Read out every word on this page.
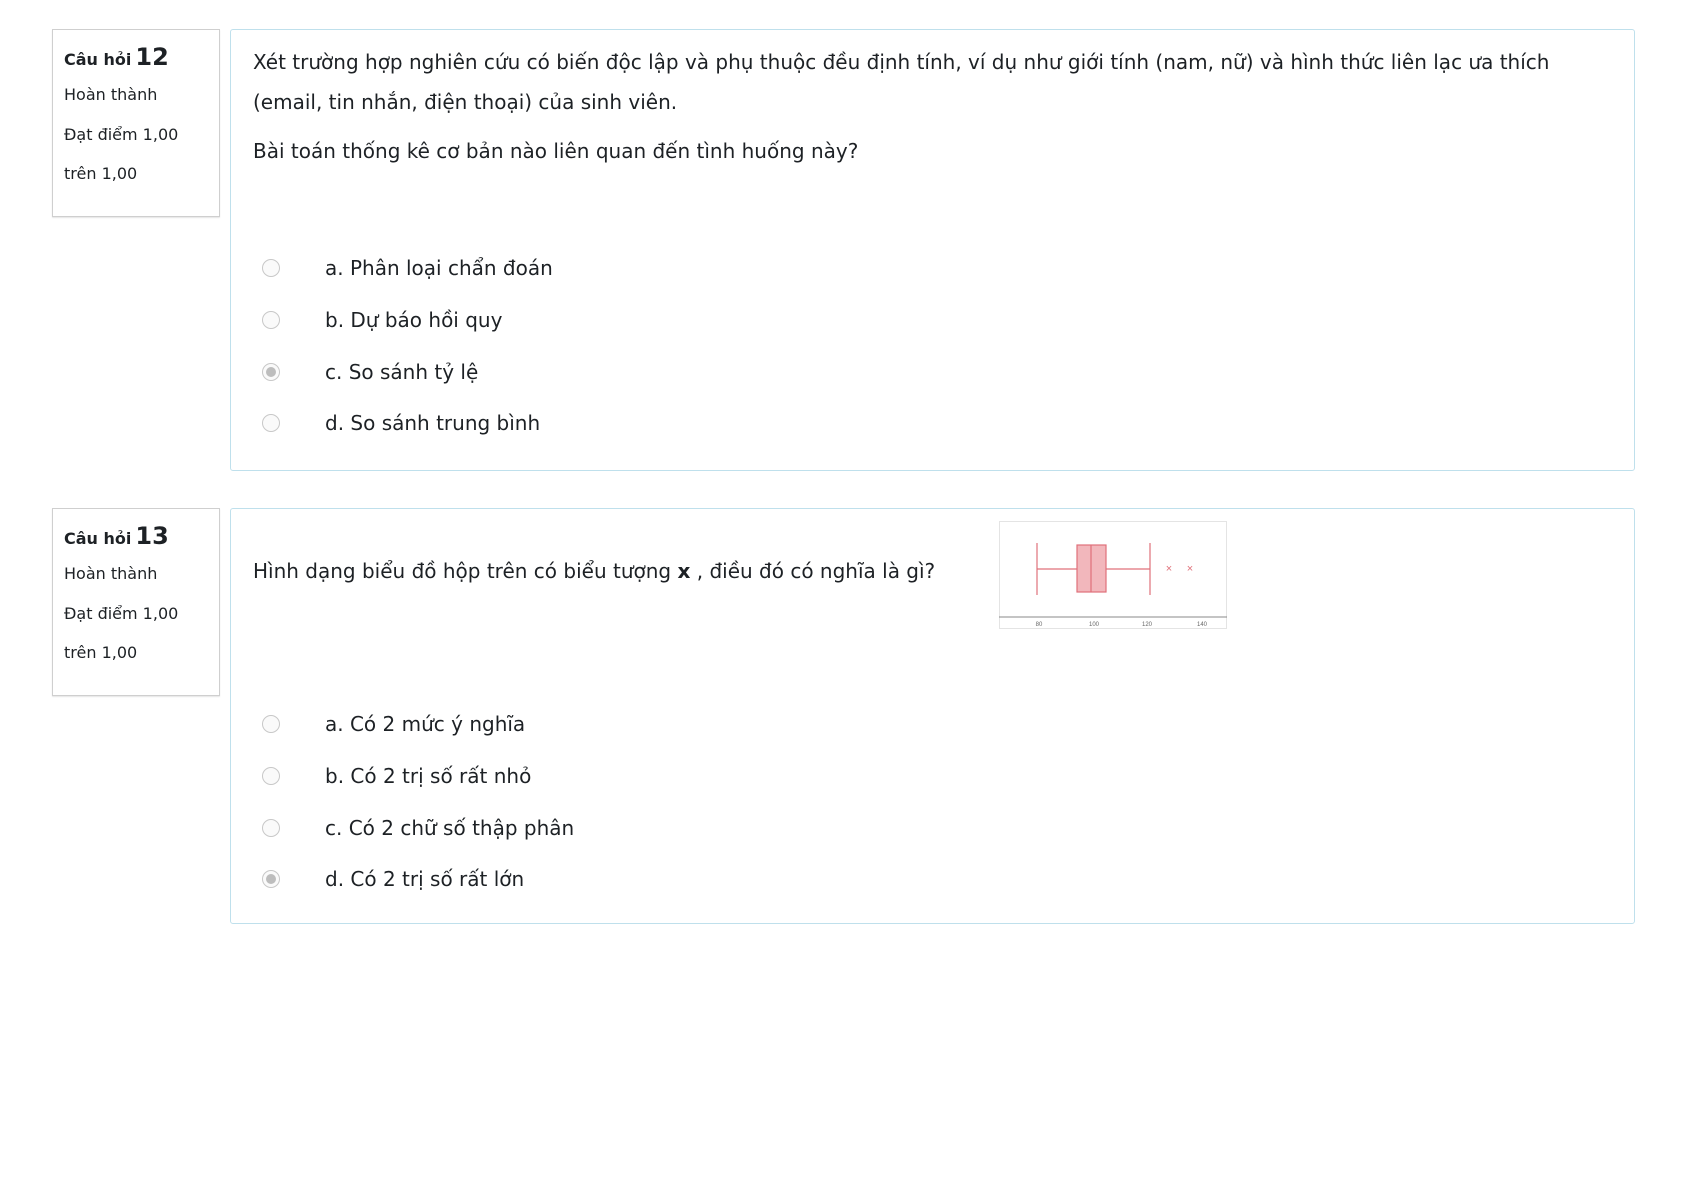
Câu hỏi 12
Hoàn thành
Đạt điểm 1,00
trên 1,00

Xét trường hợp nghiên cứu có biến độc lập và phụ thuộc đều định tính, ví dụ như giới tính (nam, nữ) và hình thức liên lạc ưa thích (email, tin nhắn, điện thoại) của sinh viên.

Bài toán thống kê cơ bản nào liên quan đến tình huống này?

a. Phân loại chẩn đoán
b. Dự báo hồi quy
c. So sánh tỷ lệ
d. So sánh trung bình
Câu hỏi 13
Hoàn thành
Đạt điểm 1,00
trên 1,00
Hình dạng biểu đồ hộp trên có biểu tượng x , điều đó có nghĩa là gì?	× ×
80	100	120	140
a. Có 2 mức ý nghĩa
b. Có 2 trị số rất nhỏ
c. Có 2 chữ số thập phân
d. Có 2 trị số rất lớn
